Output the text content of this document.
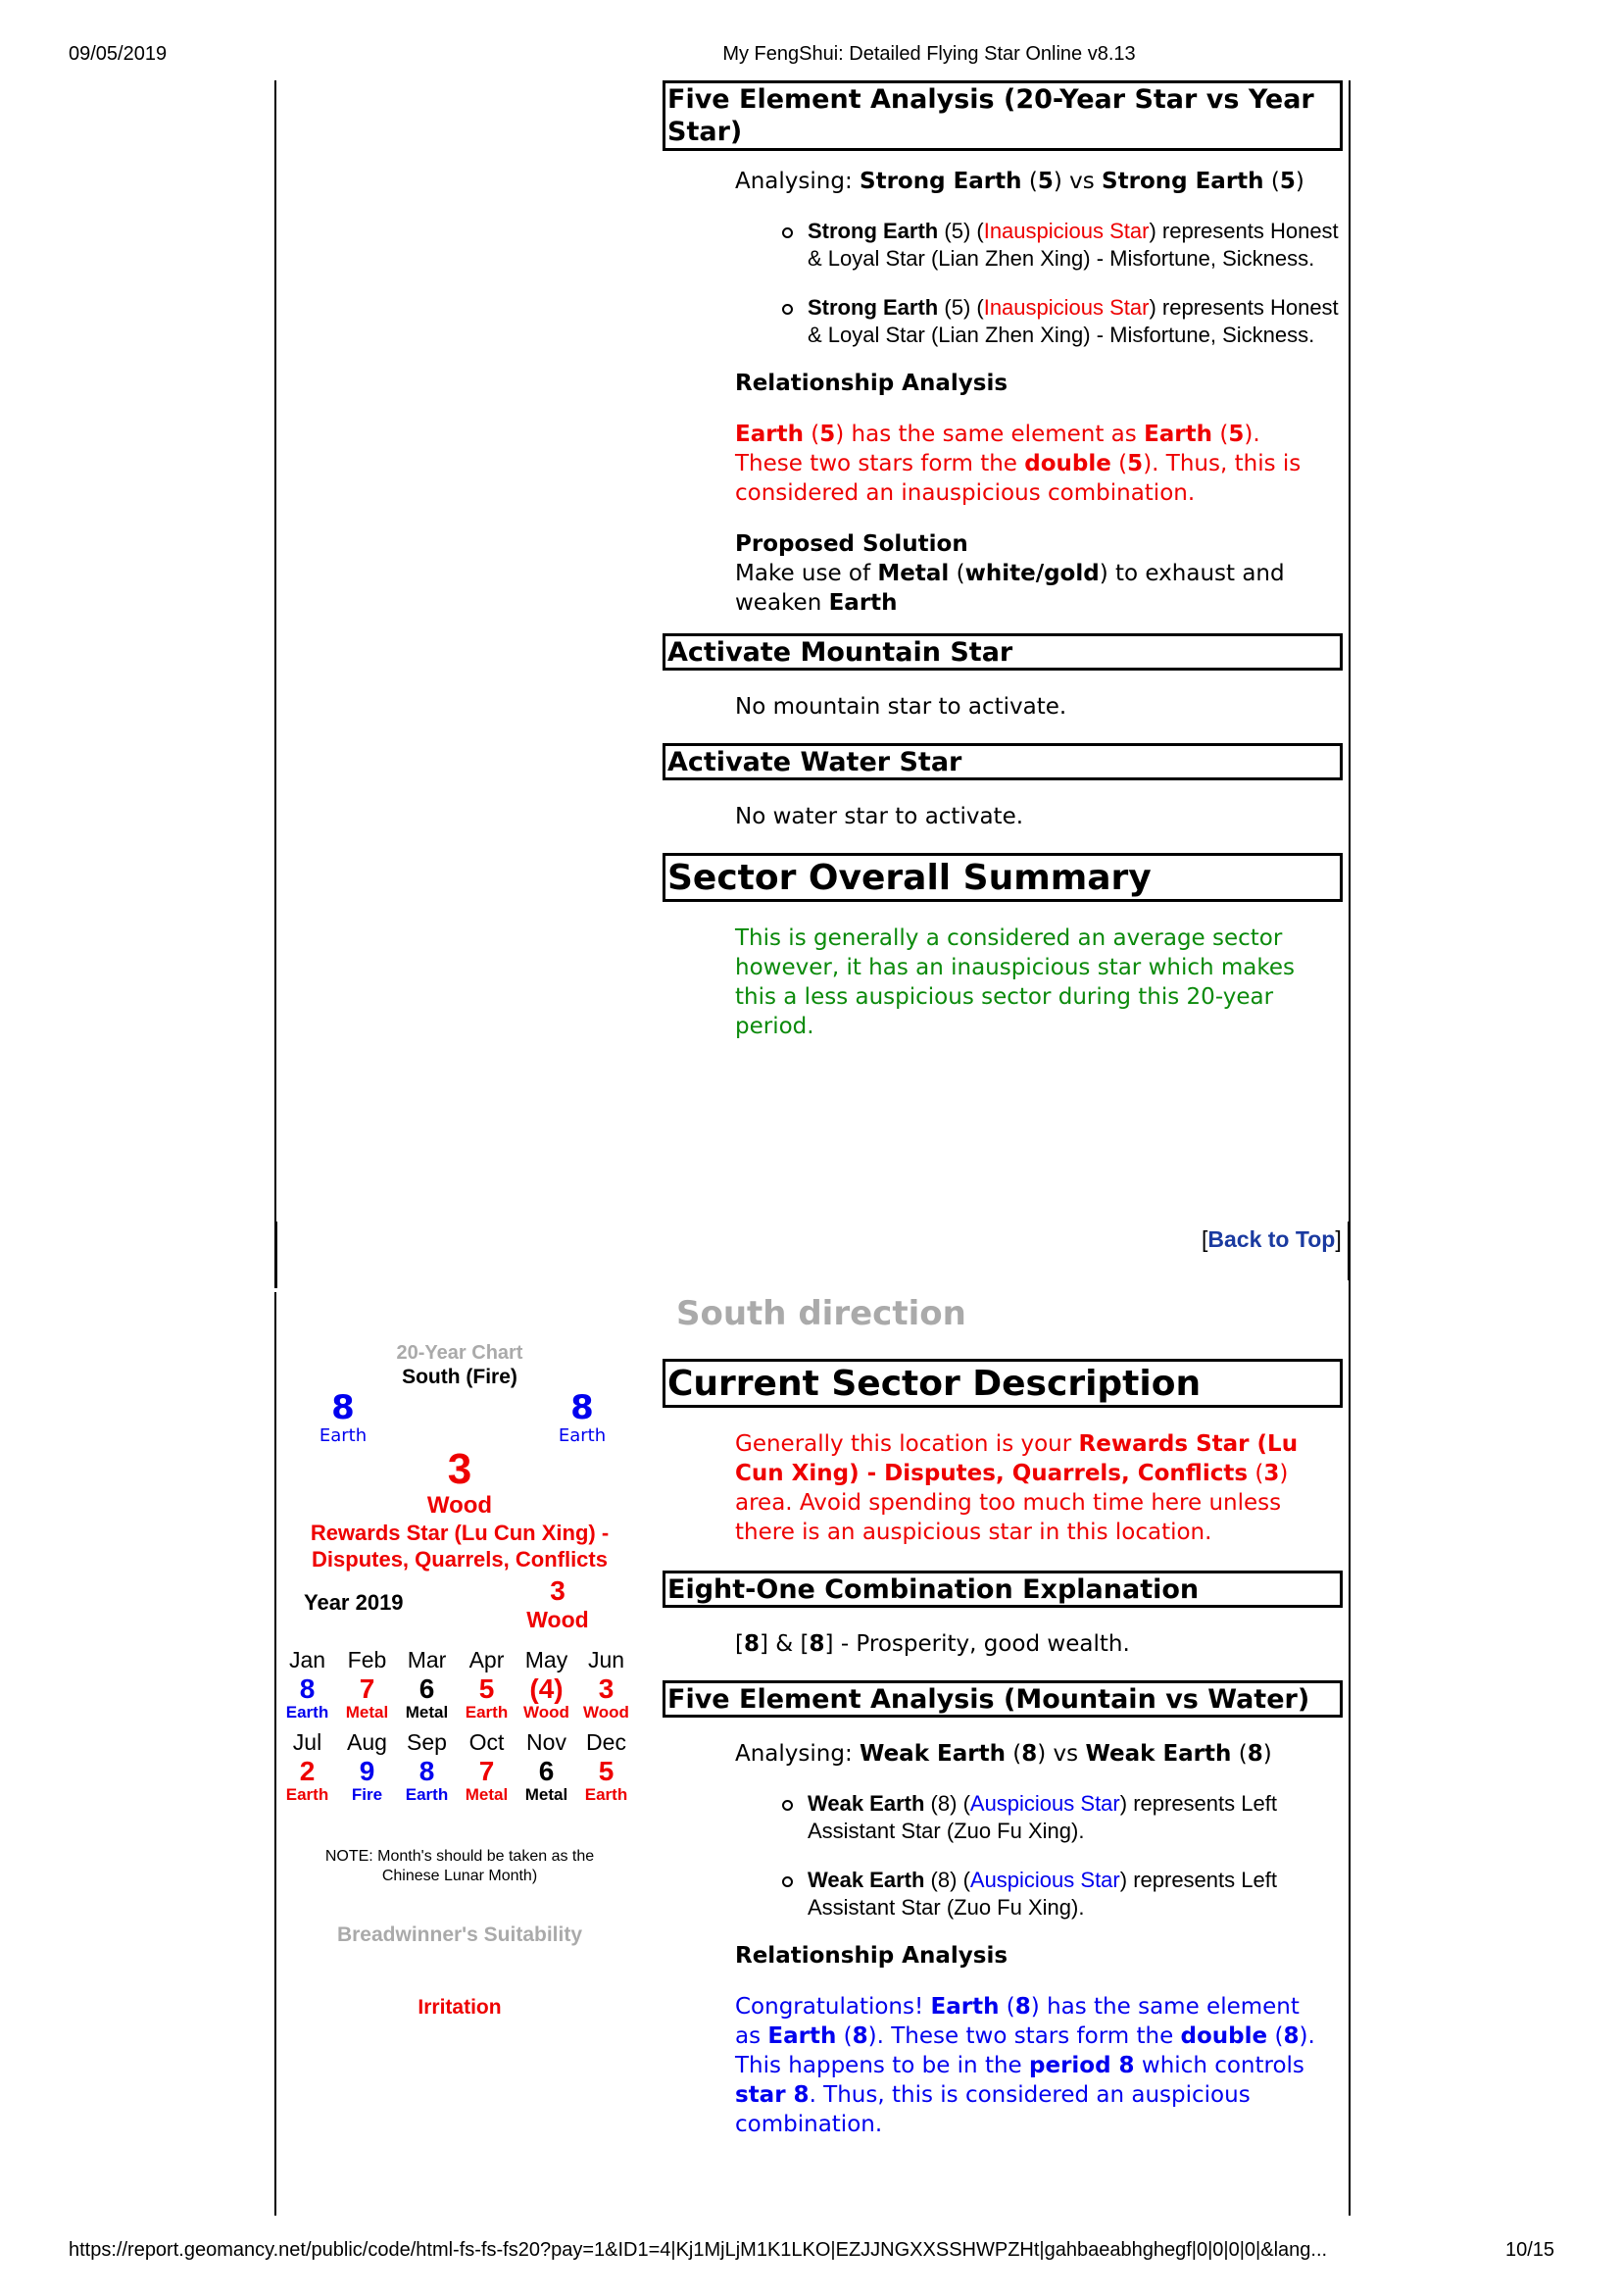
09/05/2019	My FengShui: Detailed Flying Star Online v8.13
Five Element Analysis (20-Year Star vs Year Star)
Analysing: Strong Earth (5) vs Strong Earth (5)
Strong Earth (5) (Inauspicious Star) represents Honest & Loyal Star (Lian Zhen Xing) - Misfortune, Sickness.
Strong Earth (5) (Inauspicious Star) represents Honest & Loyal Star (Lian Zhen Xing) - Misfortune, Sickness.
Relationship Analysis
Earth (5) has the same element as Earth (5). These two stars form the double (5). Thus, this is considered an inauspicious combination.
Proposed Solution
Make use of Metal (white/gold) to exhaust and weaken Earth
Activate Mountain Star
No mountain star to activate.
Activate Water Star
No water star to activate.
Sector Overall Summary
This is generally a considered an average sector however, it has an inauspicious star which makes this a less auspicious sector during this 20-year period.
[Back to Top]
South direction
20-Year Chart
South (Fire)
8
Earth
8
Earth
3
Wood
Rewards Star (Lu Cun Xing) - Disputes, Quarrels, Conflicts
Year 2019	3
Wood
Jan Feb Mar	Apr May Jun
8	7	6	5	(4)	3
Earth	Metal	Metal	Earth Wood Wood
Jul	Aug Sep Oct Nov Dec
2	9	8	7	6	5
Earth	Fire	Earth	Metal	Metal	Earth
NOTE: Month's should be taken as the Chinese Lunar Month)
Breadwinner's Suitability
Irritation
Current Sector Description
Generally this location is your Rewards Star (Lu Cun Xing) - Disputes, Quarrels, Conflicts (3) area. Avoid spending too much time here unless there is an auspicious star in this location.
Eight-One Combination Explanation
[8] & [8] - Prosperity, good wealth.
Five Element Analysis (Mountain vs Water)
Analysing: Weak Earth (8) vs Weak Earth (8)
Weak Earth (8) (Auspicious Star) represents Left Assistant Star (Zuo Fu Xing).
Weak Earth (8) (Auspicious Star) represents Left Assistant Star (Zuo Fu Xing).
Relationship Analysis
Congratulations! Earth (8) has the same element as Earth (8). These two stars form the double (8). This happens to be in the period 8 which controls star 8. Thus, this is considered an auspicious combination.
https://report.geomancy.net/public/code/html-fs-fs-fs20?pay=1&ID1=4|Kj1MjLjM1K1LKO|EZJJNGXXSSHWPZHt|gahbaeabhghegf|0|0|0|0|&lang...	10/15
